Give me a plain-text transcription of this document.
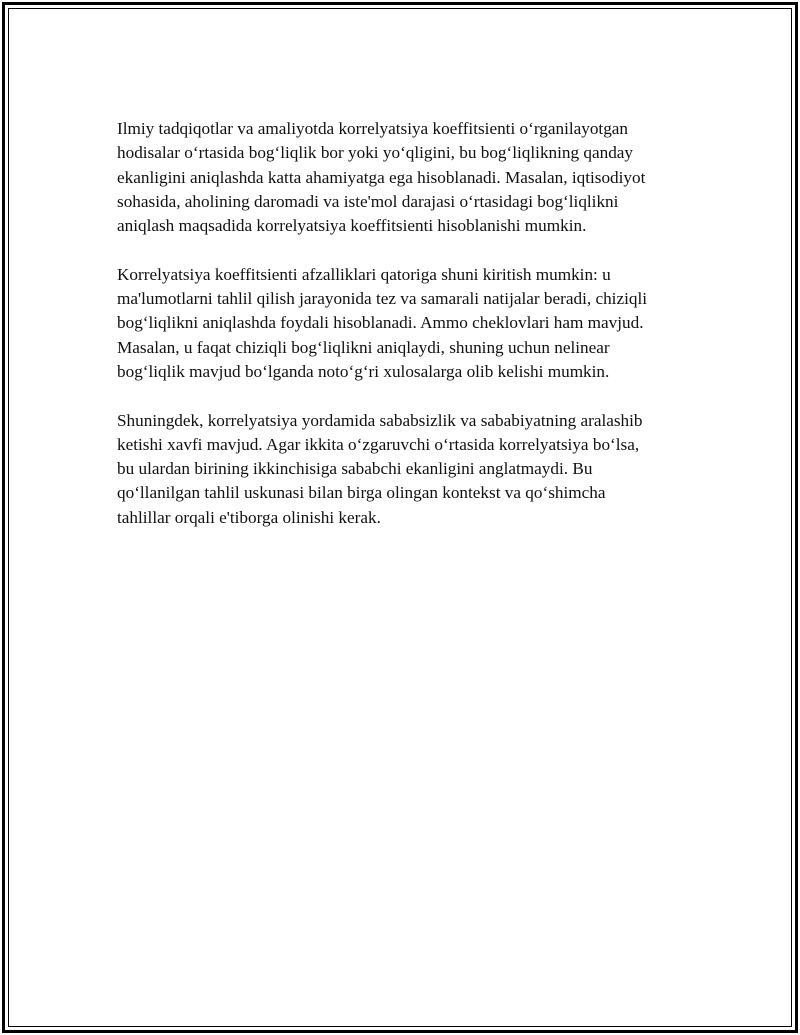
Ilmiy tadqiqotlar va amaliyotda korrelyatsiya koeffitsienti o‘rganilayotgan
hodisalar o‘rtasida bog‘liqlik bor yoki yo‘qligini, bu bog‘liqlikning qanday
ekanligini aniqlashda katta ahamiyatga ega hisoblanadi. Masalan, iqtisodiyot
sohasida, aholining daromadi va iste'mol darajasi o‘rtasidagi bog‘liqlikni
aniqlash maqsadida korrelyatsiya koeffitsienti hisoblanishi mumkin.

Korrelyatsiya koeffitsienti afzalliklari qatoriga shuni kiritish mumkin: u
ma'lumotlarni tahlil qilish jarayonida tez va samarali natijalar beradi, chiziqli
bog‘liqlikni aniqlashda foydali hisoblanadi. Ammo cheklovlari ham mavjud.
Masalan, u faqat chiziqli bog‘liqlikni aniqlaydi, shuning uchun nelinear
bog‘liqlik mavjud bo‘lganda noto‘g‘ri xulosalarga olib kelishi mumkin.

Shuningdek, korrelyatsiya yordamida sababsizlik va sababiyatning aralashib
ketishi xavfi mavjud. Agar ikkita o‘zgaruvchi o‘rtasida korrelyatsiya bo‘lsa,
bu ulardan birining ikkinchisiga sababchi ekanligini anglatmaydi. Bu
qo‘llanilgan tahlil uskunasi bilan birga olingan kontekst va qo‘shimcha
tahlillar orqali e'tiborga olinishi kerak.
